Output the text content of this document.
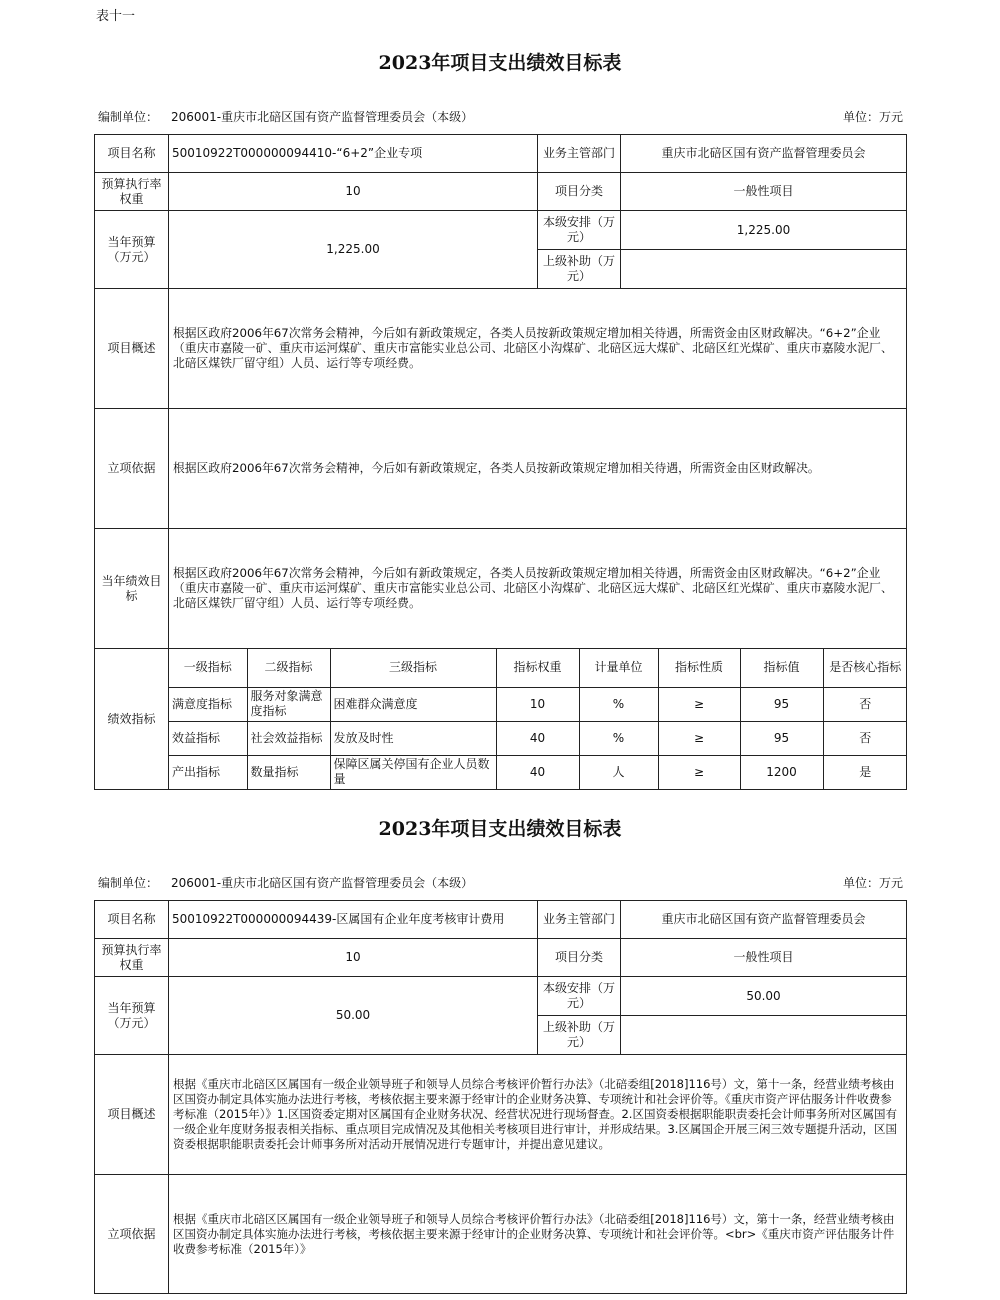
表十一
2023年项目支出绩效目标表
编制单位： 206001-重庆市北碚区国有资产监督管理委员会（本级）	单位：万元
项目名称	50010922T000000094410-“6+2”企业专项	业务主管部门	重庆市北碚区国有资产监督管理委员会
预算执行率权重	10	项目分类	一般性项目
当年预算（万元）	1,225.00	本级安排（万元）	1,225.00
上级补助（万元）	
项目概述	根据区政府2006年67次常务会精神，今后如有新政策规定，各类人员按新政策规定增加相关待遇，所需资金由区财政解决。“6+2”企业（重庆市嘉陵一矿、重庆市运河煤矿、重庆市富能实业总公司、北碚区小沟煤矿、北碚区远大煤矿、北碚区红光煤矿、重庆市嘉陵水泥厂、北碚区煤铁厂留守组）人员、运行等专项经费。
立项依据	根据区政府2006年67次常务会精神，今后如有新政策规定，各类人员按新政策规定增加相关待遇，所需资金由区财政解决。
当年绩效目标	根据区政府2006年67次常务会精神，今后如有新政策规定，各类人员按新政策规定增加相关待遇，所需资金由区财政解决。“6+2”企业（重庆市嘉陵一矿、重庆市运河煤矿、重庆市富能实业总公司、北碚区小沟煤矿、北碚区远大煤矿、北碚区红光煤矿、重庆市嘉陵水泥厂、北碚区煤铁厂留守组）人员、运行等专项经费。
绩效指标	
一级指标	二级指标	三级指标	指标权重	计量单位	指标性质	指标值	是否核心指标
满意度指标	服务对象满意度指标	困难群众满意度	10	%	≥	95	否
效益指标	社会效益指标	发放及时性	40	%	≥	95	否
产出指标	数量指标	保障区属关停国有企业人员数量	40	人	≥	1200	是
2023年项目支出绩效目标表
编制单位： 206001-重庆市北碚区国有资产监督管理委员会（本级）	单位：万元
项目名称	50010922T000000094439-区属国有企业年度考核审计费用	业务主管部门	重庆市北碚区国有资产监督管理委员会
预算执行率权重	10	项目分类	一般性项目
当年预算（万元）	50.00	本级安排（万元）	50.00
		上级补助（万元）	
项目概述	根据《重庆市北碚区区属国有一级企业领导班子和领导人员综合考核评价暂行办法》（北碚委组[2018]116号）文，第十一条，经营业绩考核由区国资办制定具体实施办法进行考核，考核依据主要来源于经审计的企业财务决算、专项统计和社会评价等。《重庆市资产评估服务计件收费参考标准（2015年）》1.区国资委定期对区属国有企业财务状况、经营状况进行现场督查。2.区国资委根据职能职责委托会计师事务所对区属国有一级企业年度财务报表相关指标、重点项目完成情况及其他相关考核项目进行审计，并形成结果。3.区属国企开展三闲三效专题提升活动，区国资委根据职能职责委托会计师事务所对活动开展情况进行专题审计，并提出意见建议。		
立项依据	根据《重庆市北碚区区属国有一级企业领导班子和领导人员综合考核评价暂行办法》（北碚委组[2018]116号）文，第十一条，经营业绩考核由区国资办制定具体实施办法进行考核，考核依据主要来源于经审计的企业财务决算、专项统计和社会评价等。<br>《重庆市资产评估服务计件收费参考标准（2015年）》		
